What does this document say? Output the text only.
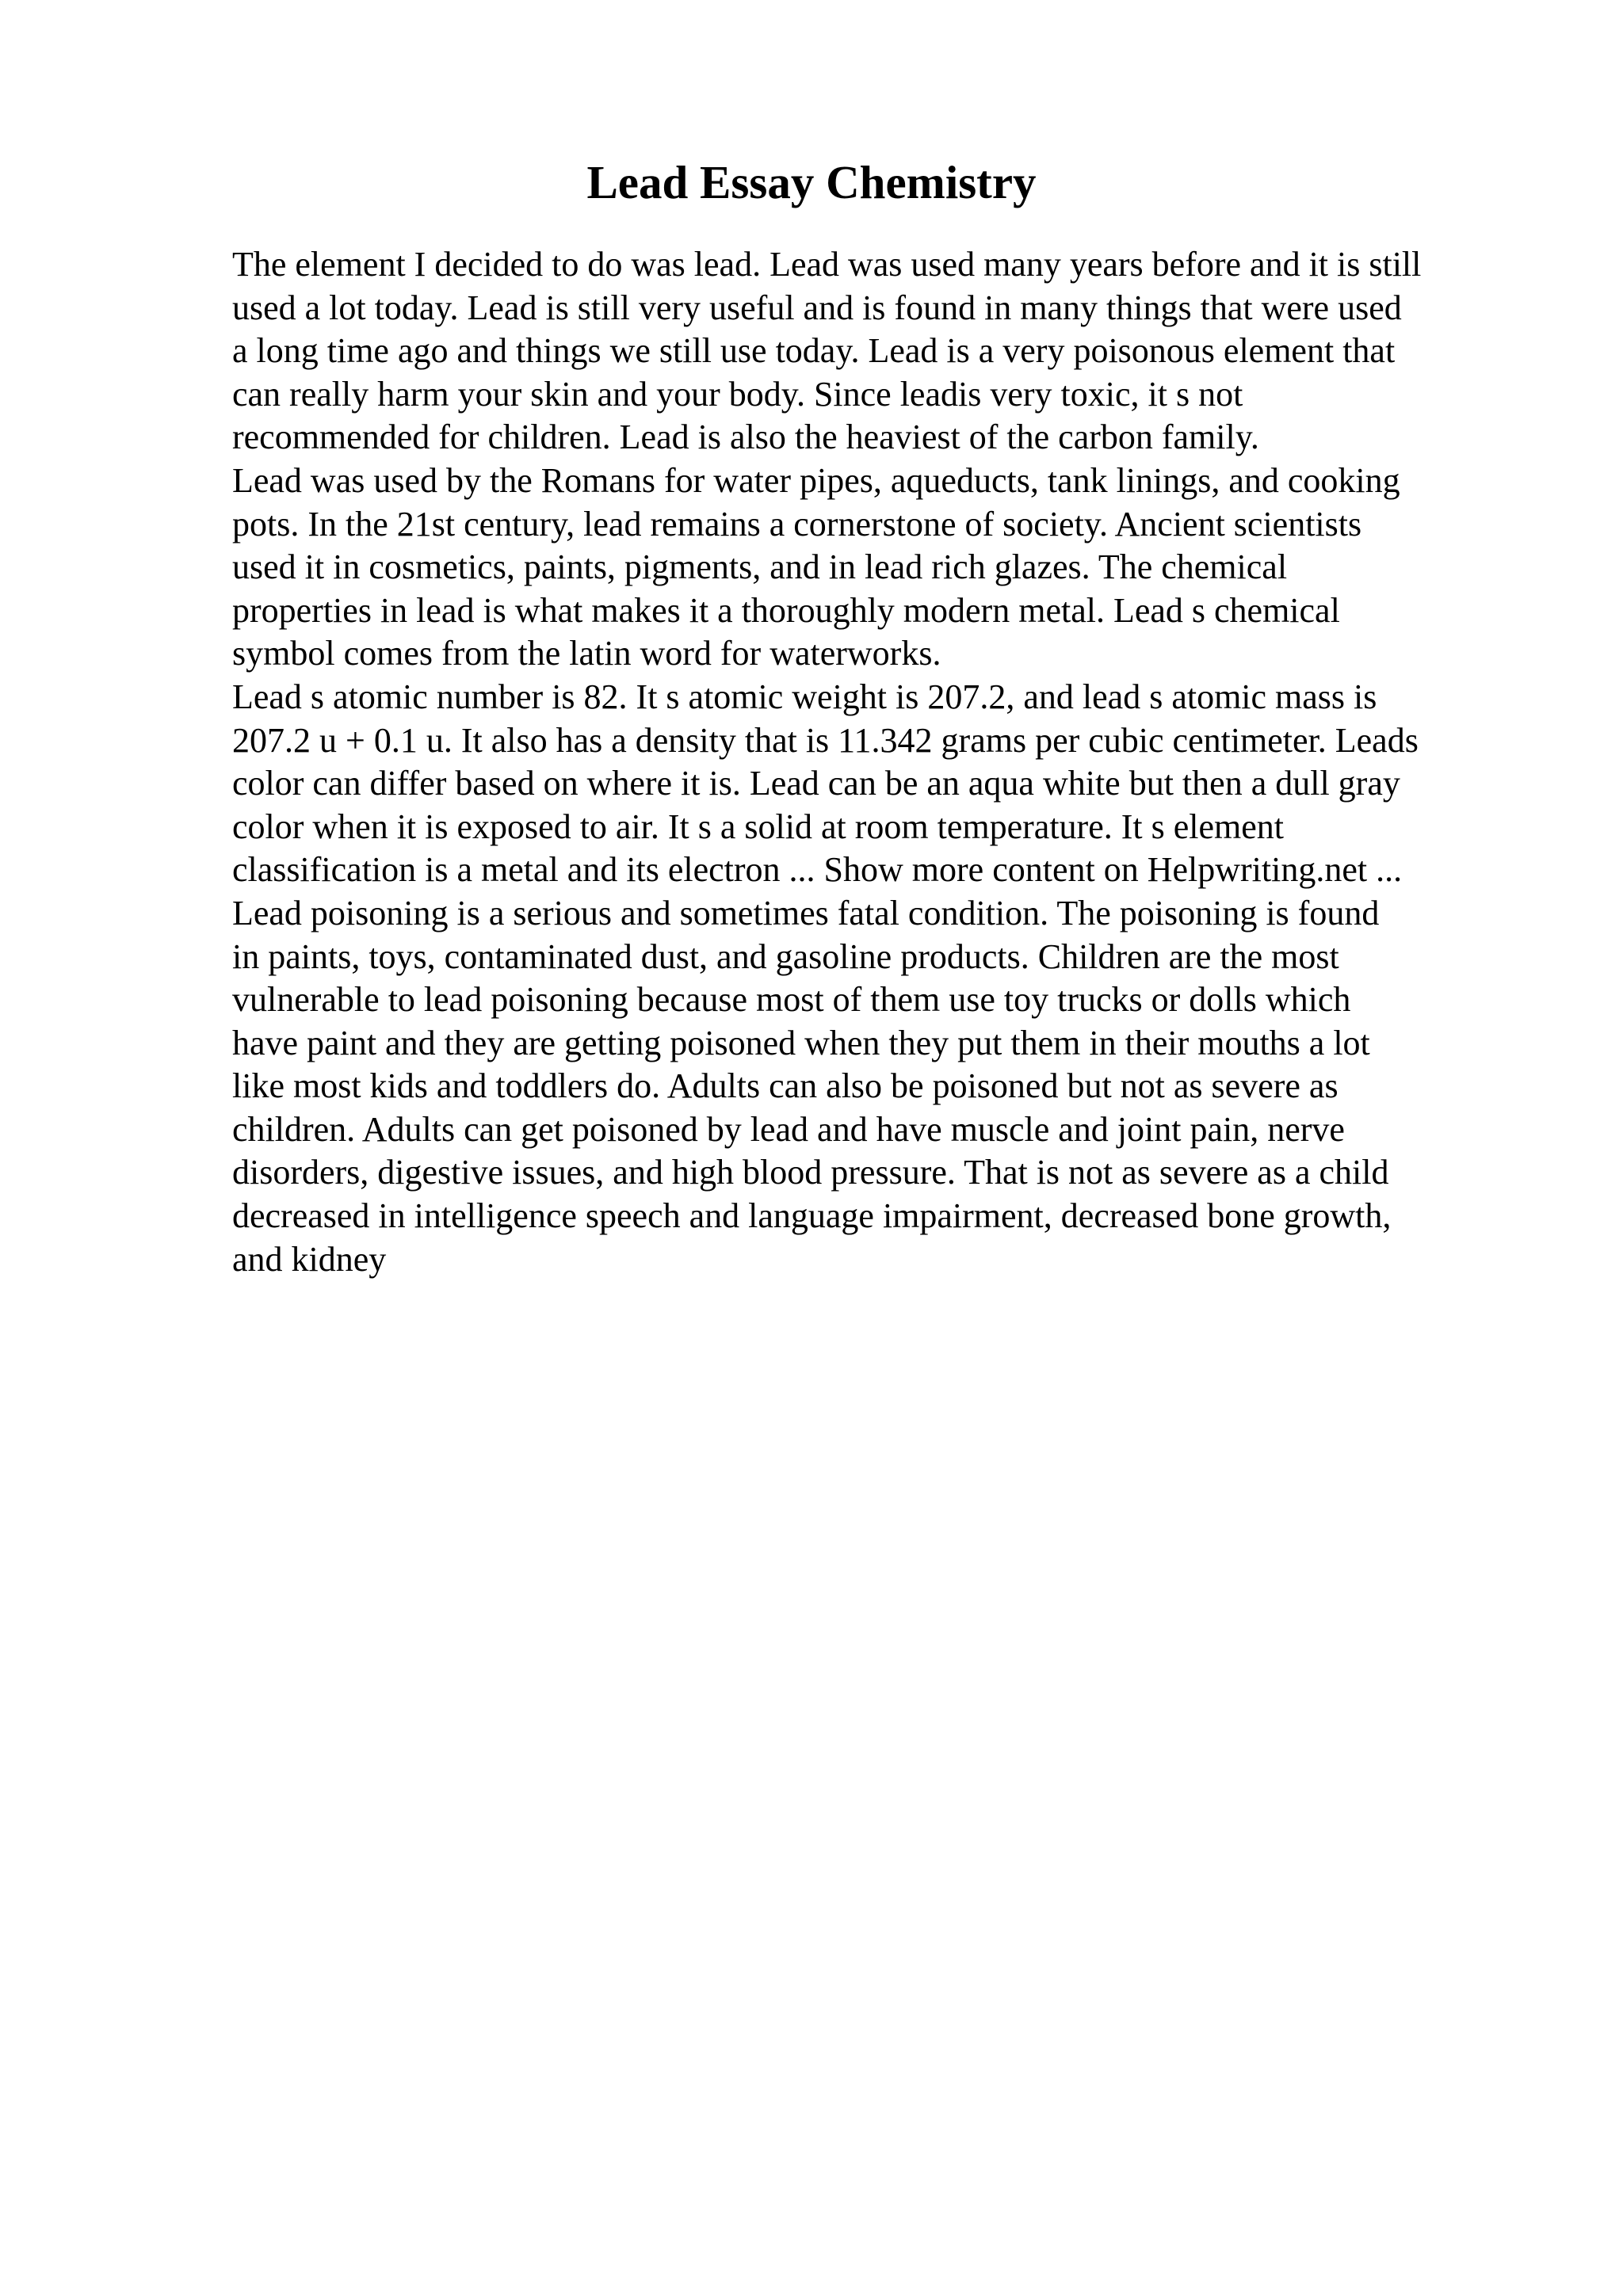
Lead Essay Chemistry
The element I decided to do was lead. Lead was used many years before and it is still
used a lot today. Lead is still very useful and is found in many things that were used
a long time ago and things we still use today. Lead is a very poisonous element that
can really harm your skin and your body. Since leadis very toxic, it s not
recommended for children. Lead is also the heaviest of the carbon family.
Lead was used by the Romans for water pipes, aqueducts, tank linings, and cooking
pots. In the 21st century, lead remains a cornerstone of society. Ancient scientists
used it in cosmetics, paints, pigments, and in lead rich glazes. The chemical
properties in lead is what makes it a thoroughly modern metal. Lead s chemical
symbol comes from the latin word for waterworks.
Lead s atomic number is 82. It s atomic weight is 207.2, and lead s atomic mass is
207.2 u + 0.1 u. It also has a density that is 11.342 grams per cubic centimeter. Leads
color can differ based on where it is. Lead can be an aqua white but then a dull gray
color when it is exposed to air. It s a solid at room temperature. It s element
classification is a metal and its electron ... Show more content on Helpwriting.net ...
Lead poisoning is a serious and sometimes fatal condition. The poisoning is found
in paints, toys, contaminated dust, and gasoline products. Children are the most
vulnerable to lead poisoning because most of them use toy trucks or dolls which
have paint and they are getting poisoned when they put them in their mouths a lot
like most kids and toddlers do. Adults can also be poisoned but not as severe as
children. Adults can get poisoned by lead and have muscle and joint pain, nerve
disorders, digestive issues, and high blood pressure. That is not as severe as a child
decreased in intelligence speech and language impairment, decreased bone growth,
and kidney
